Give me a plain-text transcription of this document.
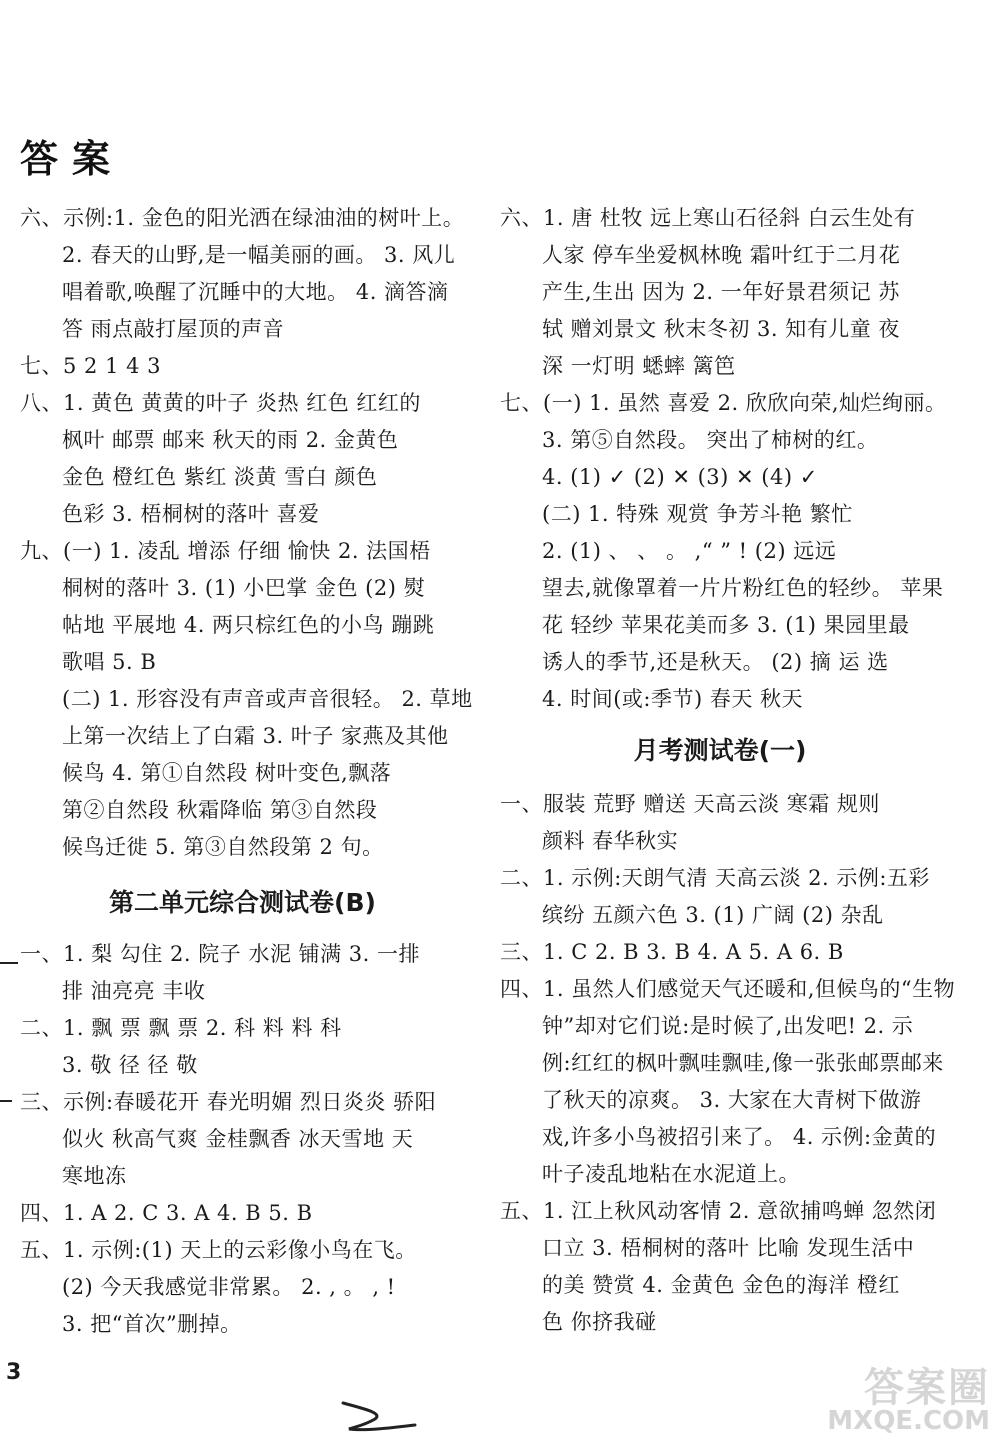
答案
六、示例:1. 金色的阳光洒在绿油油的树叶上。
2. 春天的山野,是一幅美丽的画。 3. 风儿
唱着歌,唤醒了沉睡中的大地。 4. 滴答滴
答 雨点敲打屋顶的声音
七、5 2 1 4 3
八、1. 黄色 黄黄的叶子 炎热 红色 红红的
枫叶 邮票 邮来 秋天的雨 2. 金黄色
金色 橙红色 紫红 淡黄 雪白 颜色
色彩 3. 梧桐树的落叶 喜爱
九、(一) 1. 凌乱 增添 仔细 愉快 2. 法国梧
桐树的落叶 3. (1) 小巴掌 金色 (2) 熨
帖地 平展地 4. 两只棕红色的小鸟 蹦跳
歌唱 5. B
(二) 1. 形容没有声音或声音很轻。 2. 草地
上第一次结上了白霜 3. 叶子 家燕及其他
候鸟 4. 第①自然段 树叶变色,飘落
第②自然段 秋霜降临 第③自然段
候鸟迁徙 5. 第③自然段第 2 句。
第二单元综合测试卷(B)
一、1. 梨 勾住 2. 院子 水泥 铺满 3. 一排
排 油亮亮 丰收
二、1. 飘 票 飘 票 2. 科 料 料 科
3. 敬 径 径 敬
三、示例:春暖花开 春光明媚 烈日炎炎 骄阳
似火 秋高气爽 金桂飘香 冰天雪地 天
寒地冻
四、1. A 2. C 3. A 4. B 5. B
五、1. 示例:(1) 天上的云彩像小鸟在飞。
(2) 今天我感觉非常累。 2. , 。 , !
3. 把“首次”删掉。
六、1. 唐 杜牧 远上寒山石径斜 白云生处有
人家 停车坐爱枫林晚 霜叶红于二月花
产生,生出 因为 2. 一年好景君须记 苏
轼 赠刘景文 秋末冬初 3. 知有儿童 夜
深 一灯明 蟋蟀 篱笆
七、(一) 1. 虽然 喜爱 2. 欣欣向荣,灿烂绚丽。
3. 第⑤自然段。 突出了柿树的红。
4. (1) ✓ (2) ✕ (3) ✕ (4) ✓
(二) 1. 特殊 观赏 争芳斗艳 繁忙
2. (1) 、 、 。 ,“ ” ! (2) 远远
望去,就像罩着一片片粉红色的轻纱。 苹果
花 轻纱 苹果花美而多 3. (1) 果园里最
诱人的季节,还是秋天。 (2) 摘 运 选
4. 时间(或:季节) 春天 秋天
月考测试卷(一)
一、服装 荒野 赠送 天高云淡 寒霜 规则
颜料 春华秋实
二、1. 示例:天朗气清 天高云淡 2. 示例:五彩
缤纷 五颜六色 3. (1) 广阔 (2) 杂乱
三、1. C 2. B 3. B 4. A 5. A 6. B
四、1. 虽然人们感觉天气还暖和,但候鸟的“生物
钟”却对它们说:是时候了,出发吧! 2. 示
例:红红的枫叶飘哇飘哇,像一张张邮票邮来
了秋天的凉爽。 3. 大家在大青树下做游
戏,许多小鸟被招引来了。 4. 示例:金黄的
叶子凌乱地粘在水泥道上。
五、1. 江上秋风动客情 2. 意欲捕鸣蝉 忽然闭
口立 3. 梧桐树的落叶 比喻 发现生活中
的美 赞赏 4. 金黄色 金色的海洋 橙红
色 你挤我碰
3	答案圈
MXQE.COM
